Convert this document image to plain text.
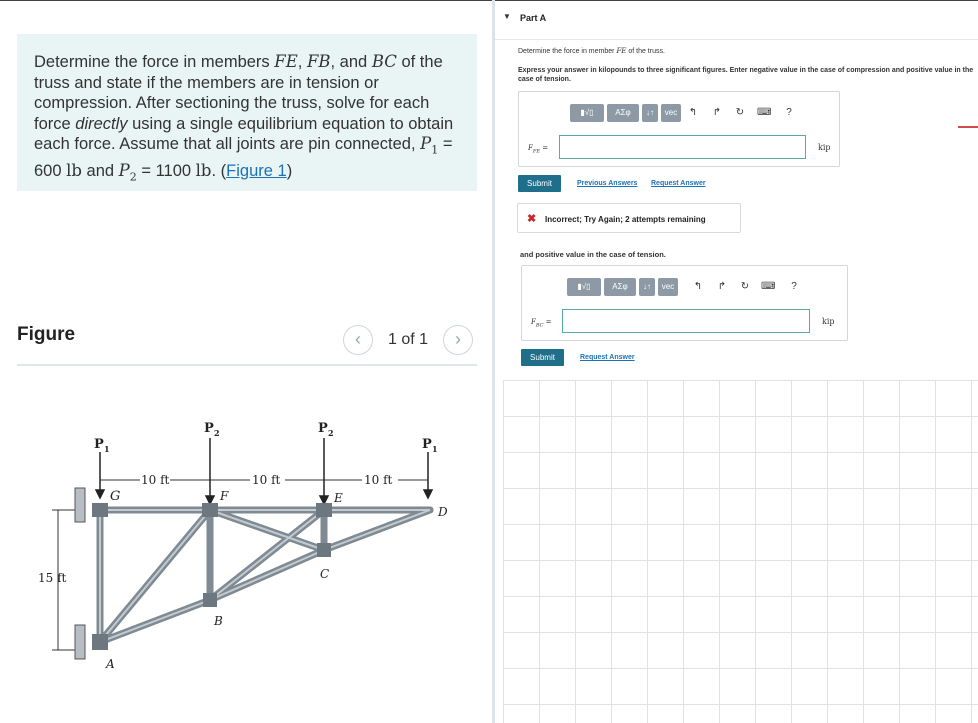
Determine the force in members FE, FB, and BC of the truss and state if the members are in tension or compression. After sectioning the truss, solve for each force directly using a single equilibrium equation to obtain each force. Assume that all joints are pin connected, $P_1 = 600$ lb and $P_2 = 1100$ lb. (Figure 1)
Figure	‹	1 of 1	›
P 1
P 2	P 2
P 1
G	F	E
D
C
B
A
10 ft	10 ft	10 ft
15 ft
▼ Part A
Determine the force in member FE of the truss.
Express your answer in kilopounds to three significant figures. Enter negative value in the case of compression and positive value in the case of tension.
▮√▯	ΑΣφ	↓↑	vec	↰ ↱ ↻ ⌨	?
$F_{FE}$ =	kip
Submit	Previous Answers Request Answer
✖ Incorrect; Try Again; 2 attempts remaining
and positive value in the case of tension.
▮√▯	ΑΣφ	↓↑	vec	↰ ↱ ↻ ⌨	?
$F_{BC}$ =	kip
Submit	Request Answer
